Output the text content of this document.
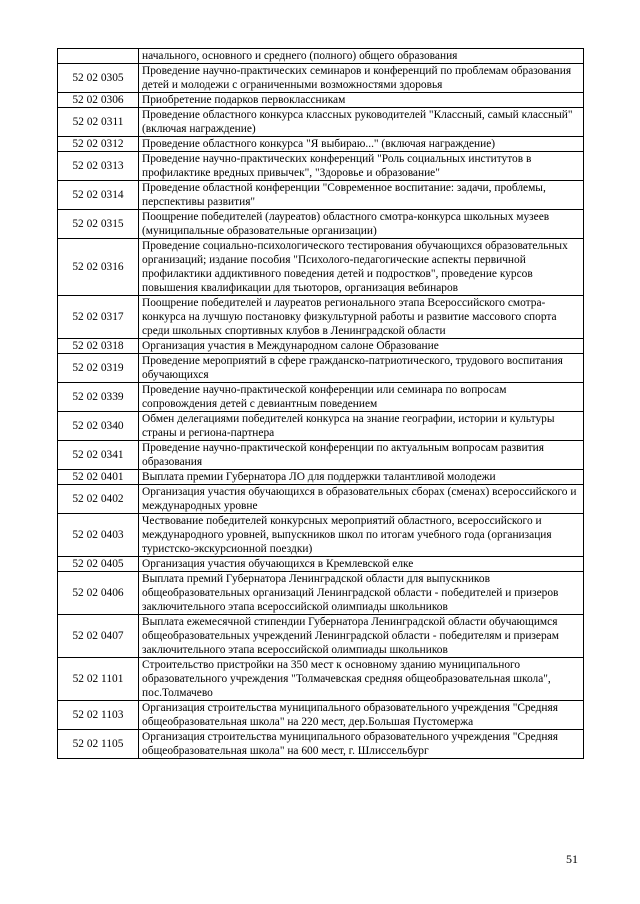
	начального, основного и среднего (полного) общего образования
52 02 0305	Проведение научно-практических семинаров и конференций по проблемам образования детей и молодежи с ограниченными возможностями здоровья
52 02 0306	Приобретение подарков первоклассникам
52 02 0311	Проведение областного конкурса классных руководителей "Классный, самый классный" (включая награждение)
52 02 0312	Проведение областного конкурса "Я выбираю..." (включая награждение)
52 02 0313	Проведение научно-практических конференций "Роль социальных институтов в профилактике вредных привычек", "Здоровье и образование"
52 02 0314	Проведение областной конференции "Современное воспитание: задачи, проблемы, перспективы развития"
52 02 0315	Поощрение победителей (лауреатов) областного смотра-конкурса школьных музеев (муниципальные образовательные организации)
52 02 0316	Проведение социально-психологического тестирования обучающихся образовательных организаций; издание пособия "Психолого-педагогические аспекты первичной профилактики аддиктивного поведения детей и подростков", проведение курсов повышения квалификации для тьюторов, организация вебинаров
52 02 0317	Поощрение победителей и лауреатов регионального этапа Всероссийского смотра-конкурса на лучшую постановку физкультурной работы и развитие массового спорта среди школьных спортивных клубов в Ленинградской области
52 02 0318	Организация участия в Международном салоне Образование
52 02 0319	Проведение мероприятий в сфере гражданско-патриотического, трудового воспитания обучающихся
52 02 0339	Проведение научно-практической конференции или семинара по вопросам сопровождения детей с девиантным поведением
52 02 0340	Обмен делегациями победителей конкурса на знание географии, истории и культуры страны и региона-партнера
52 02 0341	Проведение научно-практической конференции по актуальным вопросам развития образования
52 02 0401	Выплата премии Губернатора ЛО для поддержки талантливой молодежи
52 02 0402	Организация участия обучающихся в образовательных сборах (сменах) всероссийского и международных уровне
52 02 0403	Чествование победителей конкурсных мероприятий областного, всероссийского и международного уровней, выпускников школ по итогам учебного года (организация туристско-экскурсионной поездки)
52 02 0405	Организация участия обучающихся в Кремлевской елке
52 02 0406	Выплата премий Губернатора Ленинградской области для выпускников общеобразовательных организаций Ленинградской области - победителей и призеров заключительного этапа всероссийской олимпиады школьников
52 02 0407	Выплата ежемесячной стипендии Губернатора Ленинградской области обучающимся общеобразовательных учреждений Ленинградской области - победителям и призерам заключительного этапа всероссийской олимпиады школьников
52 02 1101	Строительство пристройки на 350 мест к основному зданию муниципального образовательного учреждения "Толмачевская средняя общеобразовательная школа", пос.Толмачево
52 02 1103	Организация строительства муниципального образовательного учреждения "Средняя общеобразовательная школа" на 220 мест, дер.Большая Пустомержа
52 02 1105	Организация строительства муниципального образовательного учреждения "Средняя общеобразовательная школа" на 600 мест, г. Шлиссельбург
51
